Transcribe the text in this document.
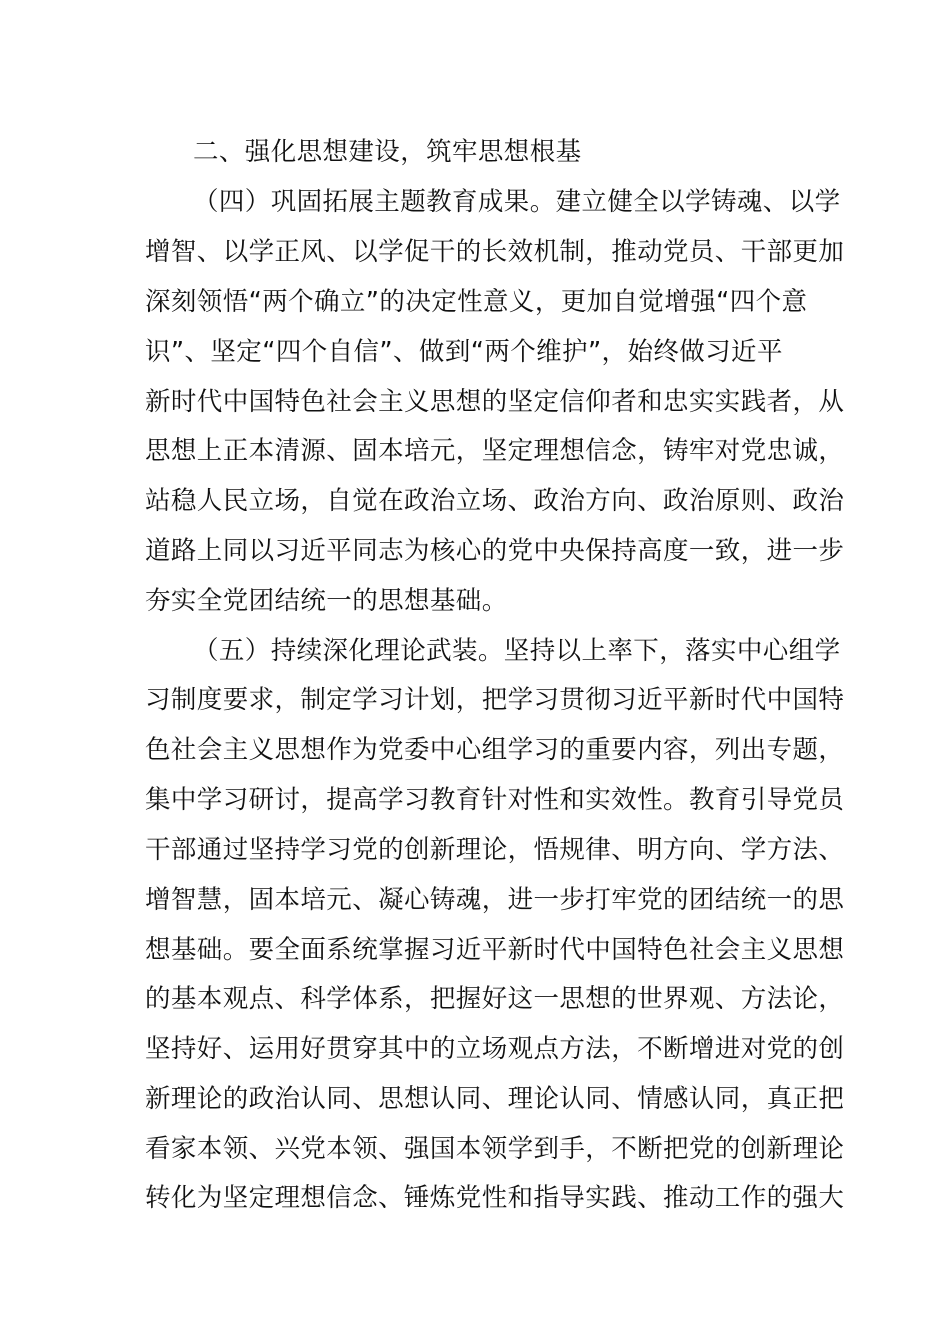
二、强化思想建设，筑牢思想根基
（四）巩固拓展主题教育成果。建立健全以学铸魂、以学
增智、以学正风、以学促干的长效机制，推动党员、干部更加
深刻领悟“两个确立”的决定性意义，更加自觉增强“四个意
识”、坚定“四个自信”、做到“两个维护”，始终做习近平
新时代中国特色社会主义思想的坚定信仰者和忠实实践者，从
思想上正本清源、固本培元，坚定理想信念，铸牢对党忠诚，
站稳人民立场，自觉在政治立场、政治方向、政治原则、政治
道路上同以习近平同志为核心的党中央保持高度一致，进一步
夯实全党团结统一的思想基础。
（五）持续深化理论武装。坚持以上率下，落实中心组学
习制度要求，制定学习计划，把学习贯彻习近平新时代中国特
色社会主义思想作为党委中心组学习的重要内容，列出专题，
集中学习研讨，提高学习教育针对性和实效性。教育引导党员
干部通过坚持学习党的创新理论，悟规律、明方向、学方法、
增智慧，固本培元、凝心铸魂，进一步打牢党的团结统一的思
想基础。要全面系统掌握习近平新时代中国特色社会主义思想
的基本观点、科学体系，把握好这一思想的世界观、方法论，
坚持好、运用好贯穿其中的立场观点方法，不断增进对党的创
新理论的政治认同、思想认同、理论认同、情感认同，真正把
看家本领、兴党本领、强国本领学到手，不断把党的创新理论
转化为坚定理想信念、锤炼党性和指导实践、推动工作的强大
